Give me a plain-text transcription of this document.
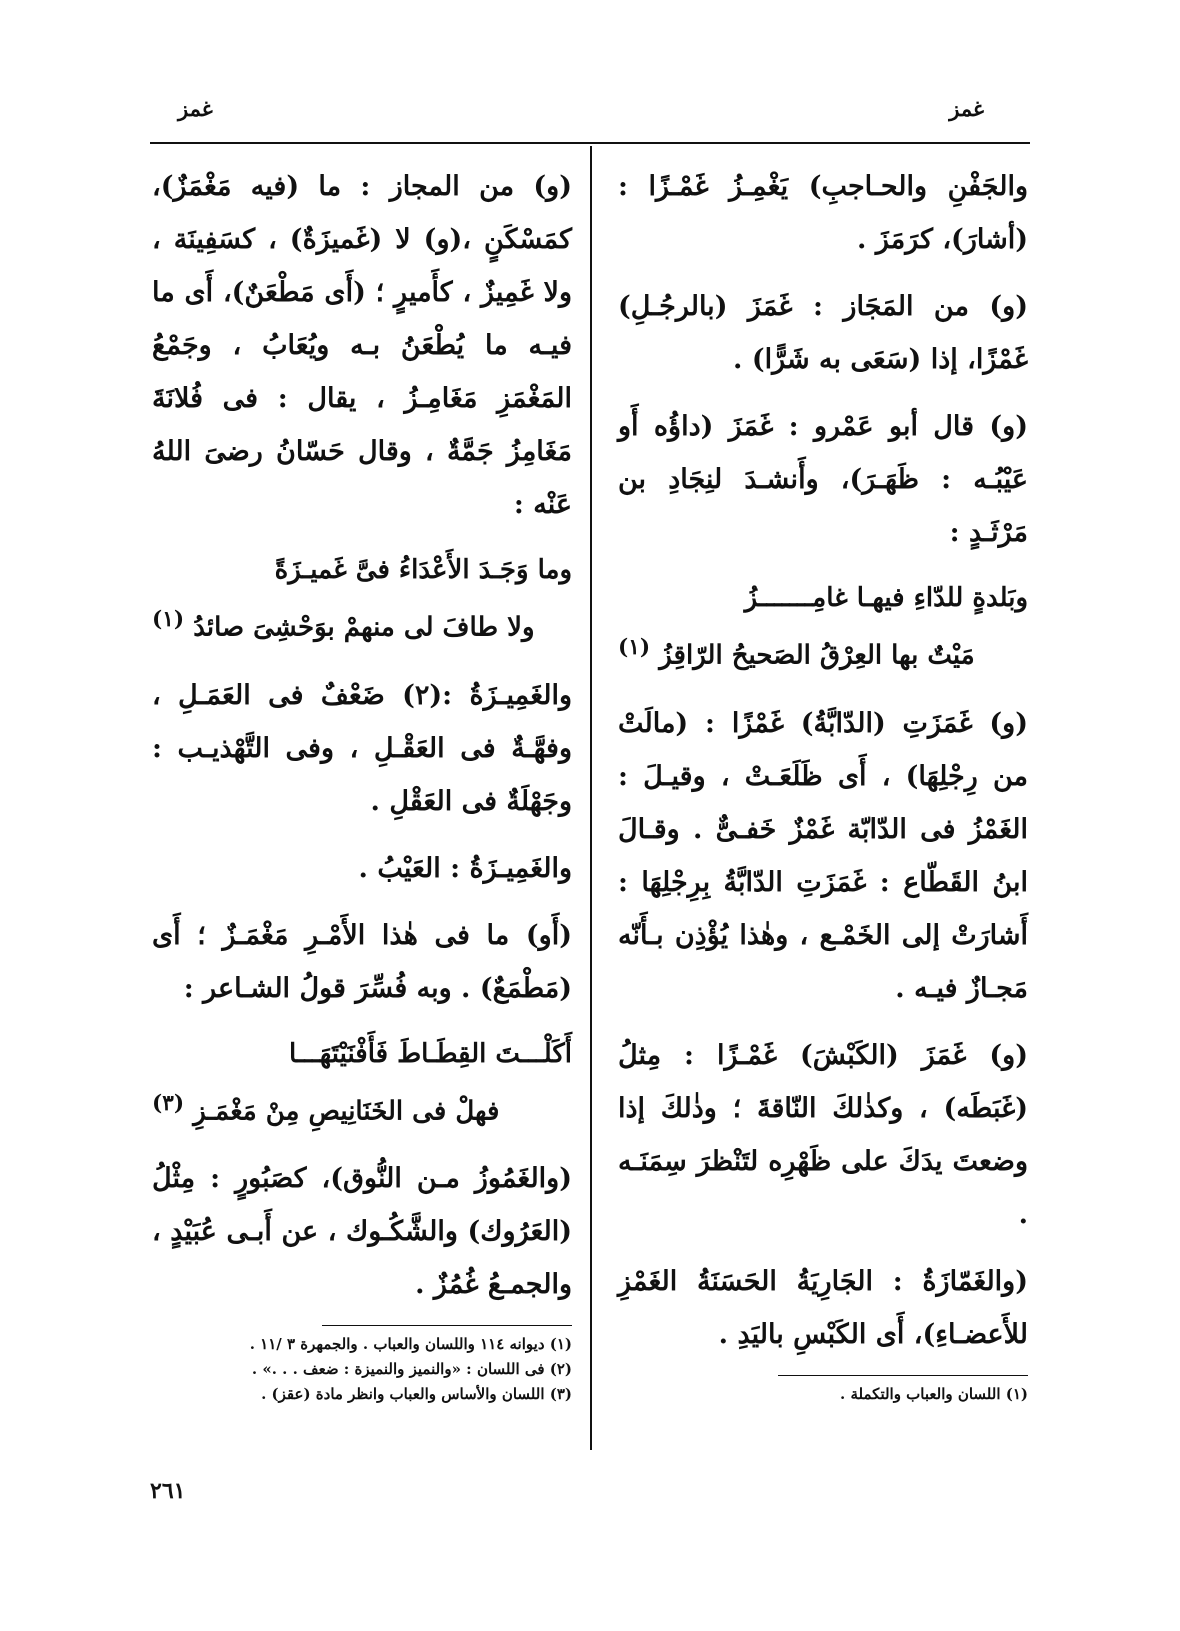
غمز
غمز

والجَفْنِ والحـاجبِ) يَغْمِـزُ غَمْـزًا : (أشارَ)، كرَمَزَ .

(و) من المَجَاز : غَمَزَ (بالرجُـلِ) غَمْزًا، إذا (سَعَى به شَرًّا) .

(و) قال أبو عَمْرو : غَمَزَ (داؤُه أَو عَيْبُـه : ظَهَـرَ)، وأَنشـدَ لنِجَادِ بن مَرْثَـدٍ :

وبَلدةٍ للدّاءِ فيهـا غامِـــــــزُ
مَيْتٌ بها العِرْقُ الصَحيحُ الرّاقِزُ $^{(١)}$

(و) غَمَزَتِ (الدّابَّةُ) غَمْزًا : (مالَتْ من رِجْلِهَا) ، أَى ظَلَعَـتْ ، وقيـلَ : الغَمْزُ فى الدّابّة غَمْزٌ خَفـىٌّ . وقـالَ ابنُ القَطّاع : غَمَزَتِ الدّابَّةُ بِرِجْلِهَا : أَشارَتْ إلى الخَمْـع ، وهٰذا يُؤْذِن بـأَنّه مَجـازٌ فيـه .

(و) غَمَزَ (الكَبْشَ) غَمْـزًا : مِثلُ (غَبَطَه) ، وكذٰلكَ النّاقةَ ؛ وذٰلكَ إذا وضعتَ يدَكَ على ظَهْرِه لتَنْظرَ سِمَنَـه .

(والغَمّازَةُ : الجَارِيَةُ الحَسَنَةُ الغَمْزِ للأَعضـاءِ)، أَى الكَبْسِ باليَدِ .

(١) اللسان والعباب والتكملة .

(و) من المجاز : ما (فيه مَغْمَزٌ)، كمَسْكَنٍ ،(و) لا (غَميزَةٌ) ، كسَفِينَة ، ولا غَمِيزٌ ، كأَميرٍ ؛ (أَى مَطْعَنٌ)، أَى ما فيـه ما يُطْعَنُ بـه ويُعَابُ ، وجَمْعُ المَغْمَزِ مَغَامِـزُ ، يقال : فى فُلانَةَ مَغَامِزُ جَمَّةٌ ، وقال حَسّانُ رضىَ اللهُ عَنْه :

وما وَجَـدَ الأَعْدَاءُ فىَّ غَميـزَةً
ولا طافَ لى منهمْ بوَحْشِىَ صائدُ $^{(١)}$

والغَمِيـزَةُ :(٢) ضَعْفٌ فى العَمَـلِ ، وفهَّـةٌ فى العَقْـلِ ، وفى التَّهْذيـب : وجَهْلَةٌ فى العَقْلِ .

والغَمِيـزَةُ : العَيْبُ .

(أَو) ما فى هٰذا الأَمْـرِ مَغْمَـزٌ ؛ أَى (مَطْمَعٌ) . وبه فُسِّرَ قولُ الشـاعر :

أَكَلْـــتَ القِطَـاطَ فَأَفْنَيْتَهَـــا
فهلْ فى الخَنَانِيصِ مِنْ مَغْمَـزِ $^{(٣)}$

(والغَمُوزُ مـن النُّوق)، كصَبُورٍ : مِثْلُ (العَرُوك) والشَّكُـوك ، عن أَبـى عُبَيْدٍ ، والجمـعُ غُمُزٌ .

(١) ديوانه ١١٤ واللسان والعباب . والجمهرة ٣ /١١ .

(٢) فى اللسان : «والنميز والنميزة : ضعف . . .» .

(٣) اللسان والأساس والعباب وانظر مادة (عقز) .

٢٦١
